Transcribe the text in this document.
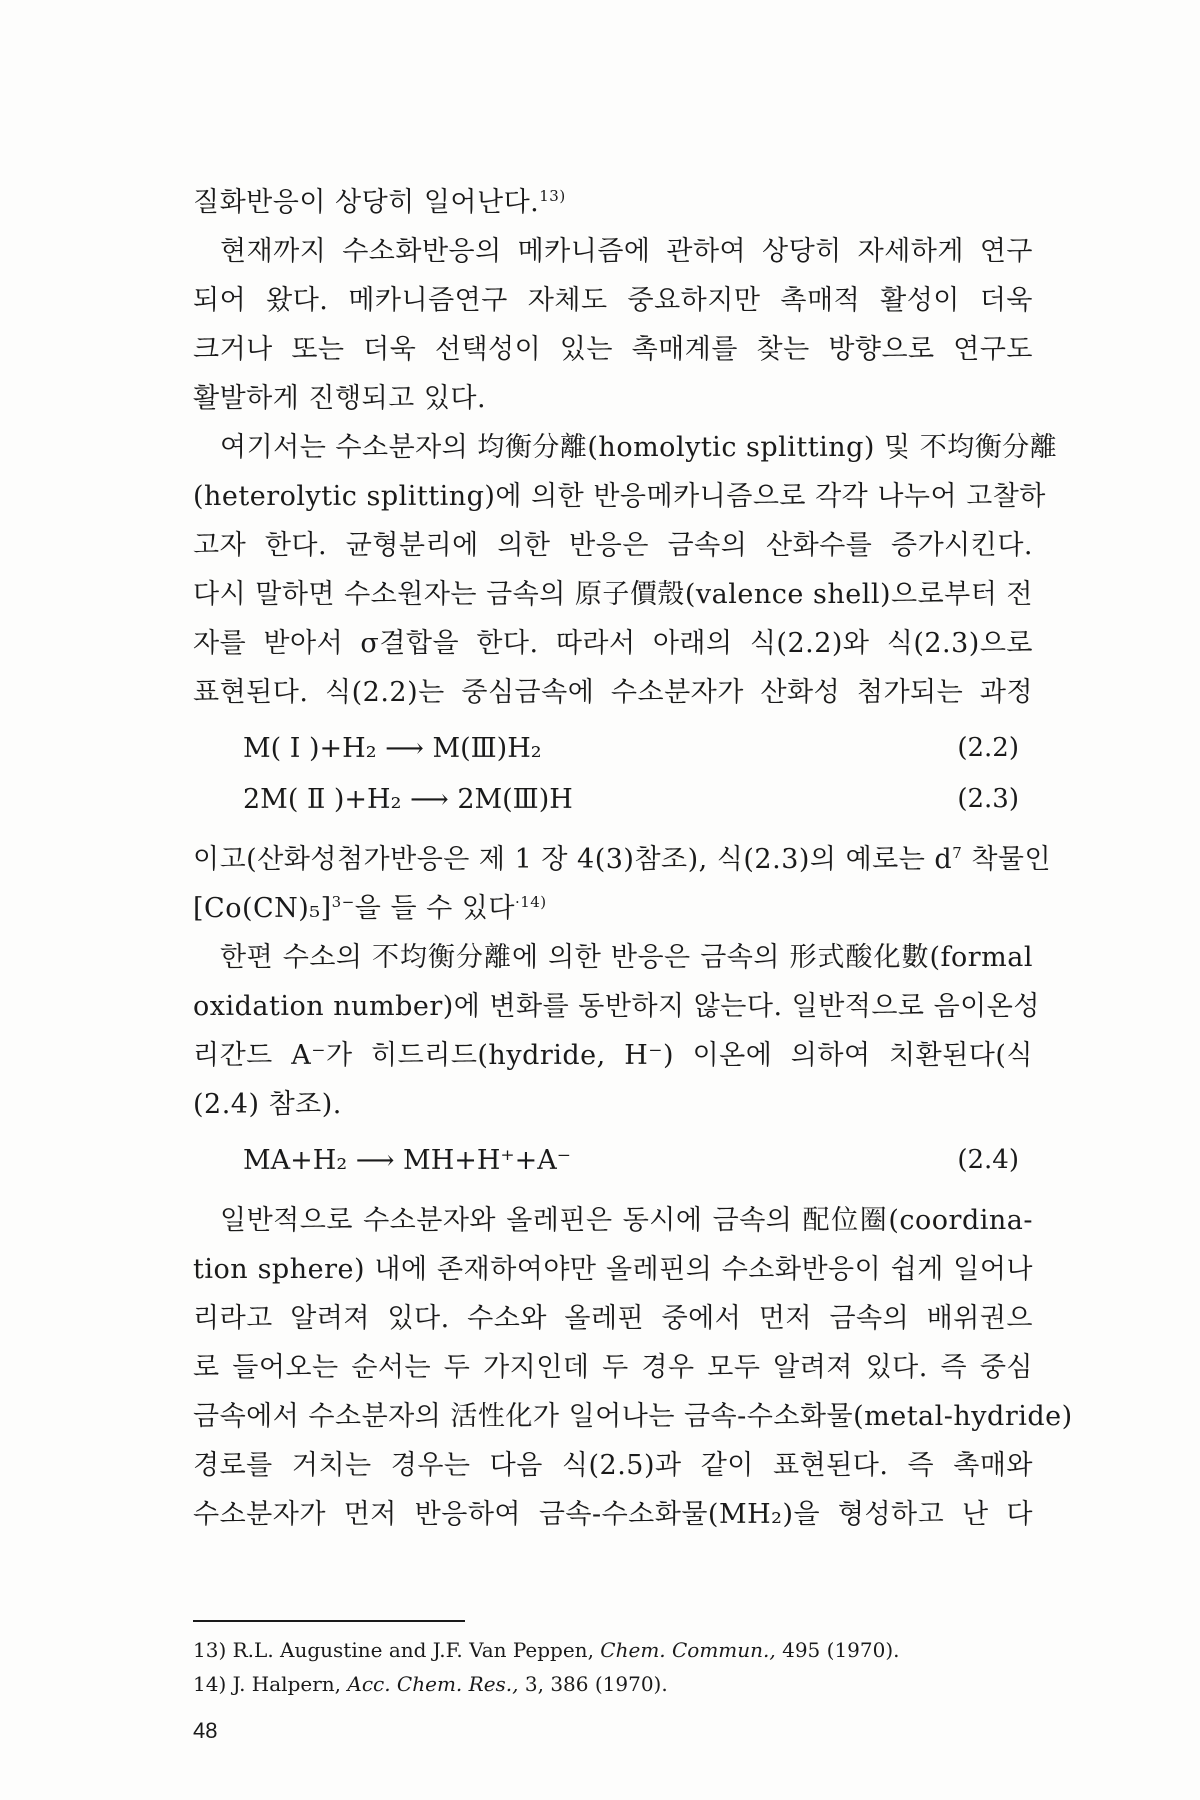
질화반응이 상당히 일어난다.$^{13)}$
현재까지 수소화반응의 메카니즘에 관하여 상당히 자세하게 연구
되어 왔다. 메카니즘연구 자체도 중요하지만 촉매적 활성이 더욱
크거나 또는 더욱 선택성이 있는 촉매계를 찾는 방향으로 연구도
활발하게 진행되고 있다.
여기서는 수소분자의 均衡分離(homolytic splitting) 및 不均衡分離
(heterolytic splitting)에 의한 반응메카니즘으로 각각 나누어 고찰하
고자 한다. 균형분리에 의한 반응은 금속의 산화수를 증가시킨다.
다시 말하면 수소원자는 금속의 原子價殼(valence shell)으로부터 전
자를 받아서 σ결합을 한다. 따라서 아래의 식(2.2)와 식(2.3)으로
표현된다. 식(2.2)는 중심금속에 수소분자가 산화성 첨가되는 과정
M( I )+H₂ ⟶ M(Ⅲ)H₂	(2.2)
2M( Ⅱ )+H₂ ⟶ 2M(Ⅲ)H	(2.3)
이고(산화성첨가반응은 제 1 장 4(3)참조), 식(2.3)의 예로는 $d^7$ 착물인
$[Co(CN)_5]^{3-}$을 들 수 있다$^{\cdot 14)}$
한편 수소의 不均衡分離에 의한 반응은 금속의 形式酸化數(formal
oxidation number)에 변화를 동반하지 않는다. 일반적으로 음이온성
리간드 A⁻가 히드리드(hydride, H⁻) 이온에 의하여 치환된다(식
(2.4) 참조).
MA+H₂ ⟶ MH+H⁺+A⁻	(2.4)
일반적으로 수소분자와 올레핀은 동시에 금속의 配位圈(coordina-
tion sphere) 내에 존재하여야만 올레핀의 수소화반응이 쉽게 일어나
리라고 알려져 있다. 수소와 올레핀 중에서 먼저 금속의 배위권으
로 들어오는 순서는 두 가지인데 두 경우 모두 알려져 있다. 즉 중심
금속에서 수소분자의 活性化가 일어나는 금속-수소화물(metal-hydride)
경로를 거치는 경우는 다음 식(2.5)과 같이 표현된다. 즉 촉매와
수소분자가 먼저 반응하여 금속-수소화물(MH₂)을 형성하고 난 다
13) R.L. Augustine and J.F. Van Peppen, Chem. Commun., 495 (1970).
14) J. Halpern, Acc. Chem. Res., 3, 386 (1970).
48
